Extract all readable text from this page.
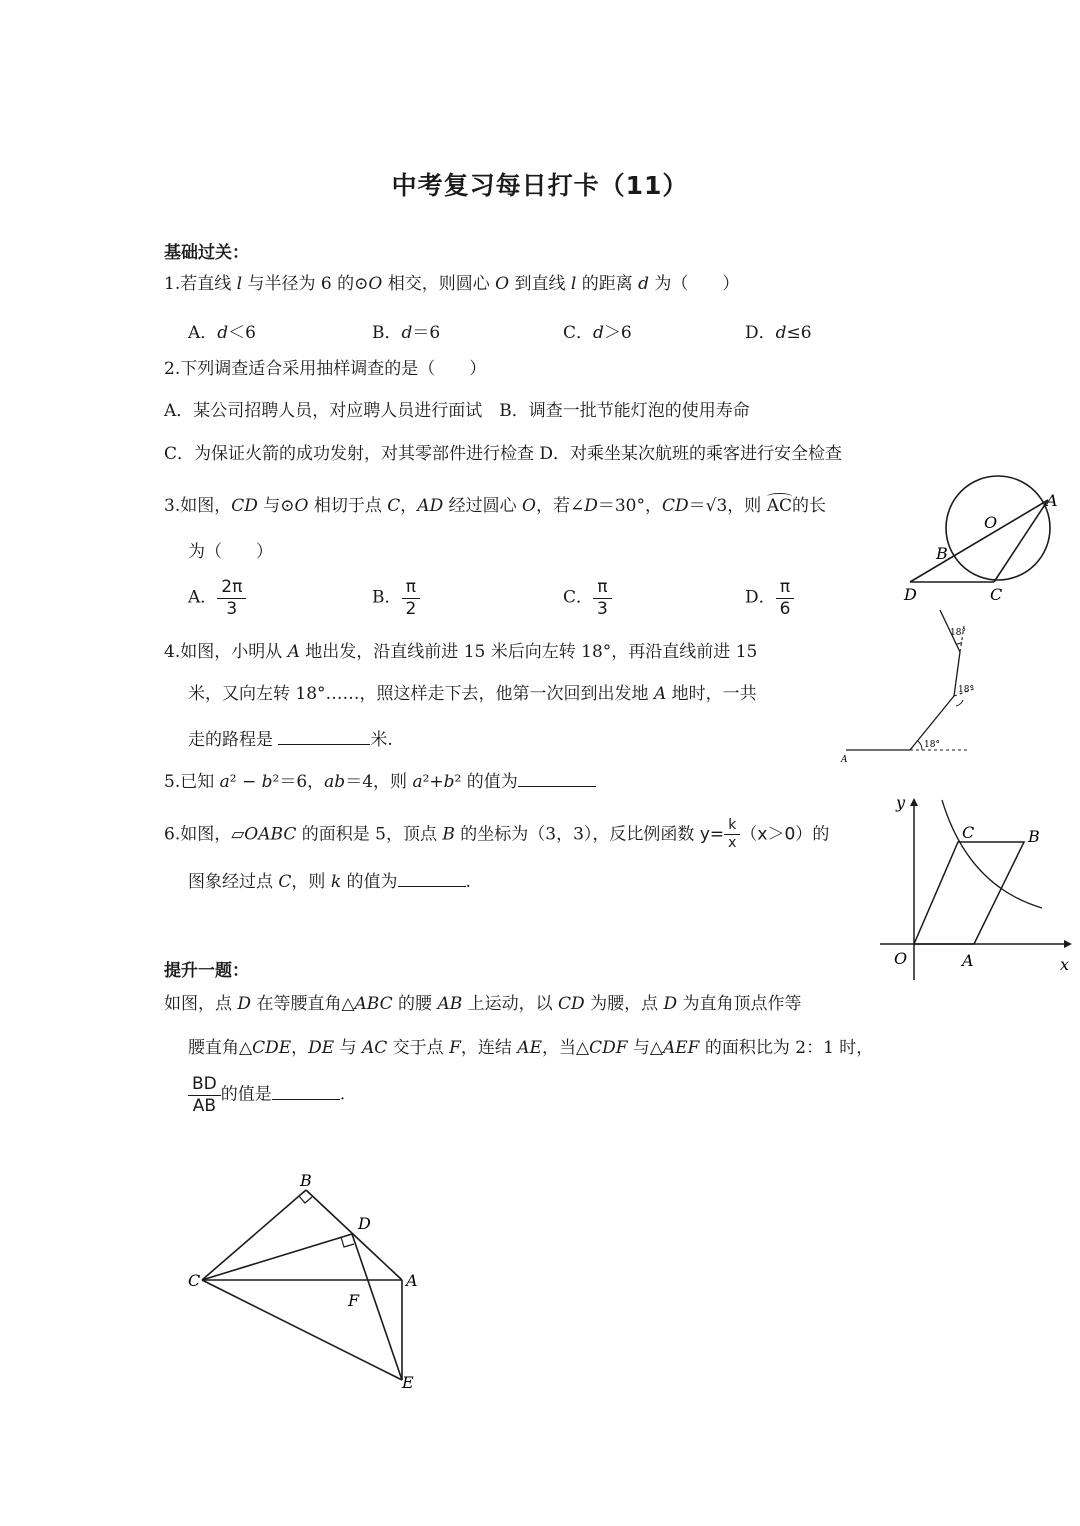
中考复习每日打卡（11）
基础过关：
1.若直线 l 与半径为 6 的⊙O 相交，则圆心 O 到直线 l 的距离 d 为（　　）
A．d＜6	B．d＝6	C．d＞6	D．d≤6
2.下列调查适合采用抽样调查的是（　　）
A．某公司招聘人员，对应聘人员进行面试　B．调查一批节能灯泡的使用寿命
C．为保证火箭的成功发射，对其零部件进行检查 D．对乘坐某次航班的乘客进行安全检查
3.如图，CD 与⊙O 相切于点 C，AD 经过圆心 O，若∠D＝30°，CD＝√3，则 AC的长
为（　　）
A． $\frac{2\pi}{3}$	B． $\frac{\pi}{2}$	C． $\frac{\pi}{3}$	D． $\frac{\pi}{6}$
O
A
B
C
D
4.如图，小明从 A 地出发，沿直线前进 15 米后向左转 18°，再沿直线前进 15
米，又向左转 18°……，照这样走下去，他第一次回到出发地 A 地时，一共
走的路程是	米.	18°
18°
18°
A
5.已知 a² − b²＝6，ab＝4，则 a²+b² 的值为
6.如图，▱OABC 的面积是 5，顶点 B 的坐标为（3，3），反比例函数 $y= \frac{k}{x} (x>0)$的
图象经过点 C，则 k 的值为	.
y
x
O	A
B
C
提升一题：
如图，点 D 在等腰直角△ABC 的腰 AB 上运动，以 CD 为腰，点 D 为直角顶点作等
腰直角△CDE，DE 与 AC 交于点 F，连结 AE，当△CDF 与△AEF 的面积比为 2：1 时，
$\frac{BD}{AB}$ 的值是	.
B
D
C	A
F
E
